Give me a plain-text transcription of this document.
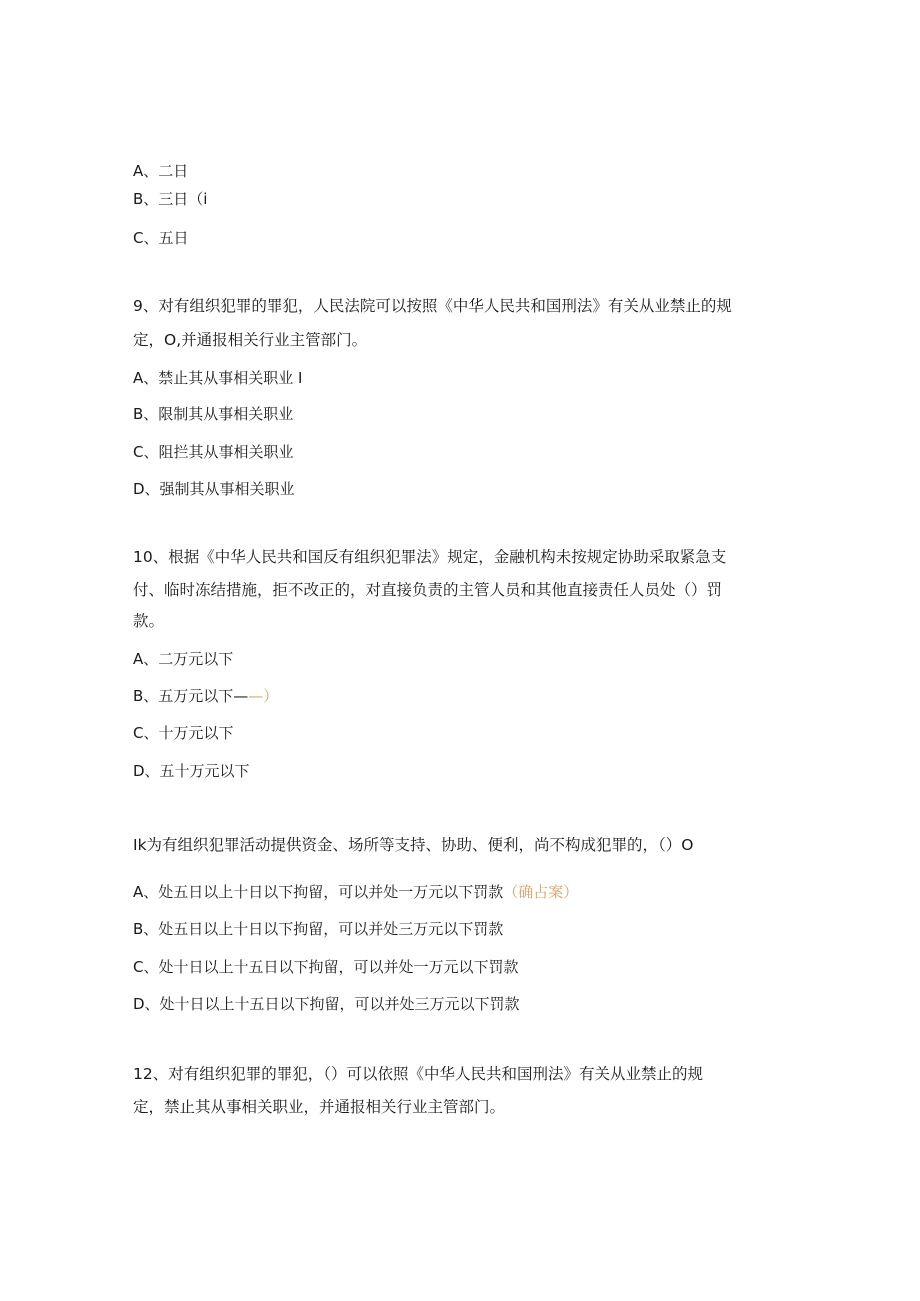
A、二日
B、三日（i
C、五日
9、对有组织犯罪的罪犯，人民法院可以按照《中华人民共和国刑法》有关从业禁止的规
定，O,并通报相关行业主管部门。
A、禁止其从事相关职业 I
B、限制其从事相关职业
C、阻拦其从事相关职业
D、强制其从事相关职业
10、根据《中华人民共和国反有组织犯罪法》规定，金融机构未按规定协助采取紧急支
付、临时冻结措施，拒不改正的，对直接负责的主管人员和其他直接责任人员处（）罚
款。
A、二万元以下
B、五万元以下——）
C、十万元以下
D、五十万元以下
Ik为有组织犯罪活动提供资金、场所等支持、协助、便利，尚不构成犯罪的，（）O
A、处五日以上十日以下拘留，可以并处一万元以下罚款（确占案）
B、处五日以上十日以下拘留，可以并处三万元以下罚款
C、处十日以上十五日以下拘留，可以并处一万元以下罚款
D、处十日以上十五日以下拘留，可以并处三万元以下罚款
12、对有组织犯罪的罪犯，（）可以依照《中华人民共和国刑法》有关从业禁止的规
定，禁止其从事相关职业，并通报相关行业主管部门。
